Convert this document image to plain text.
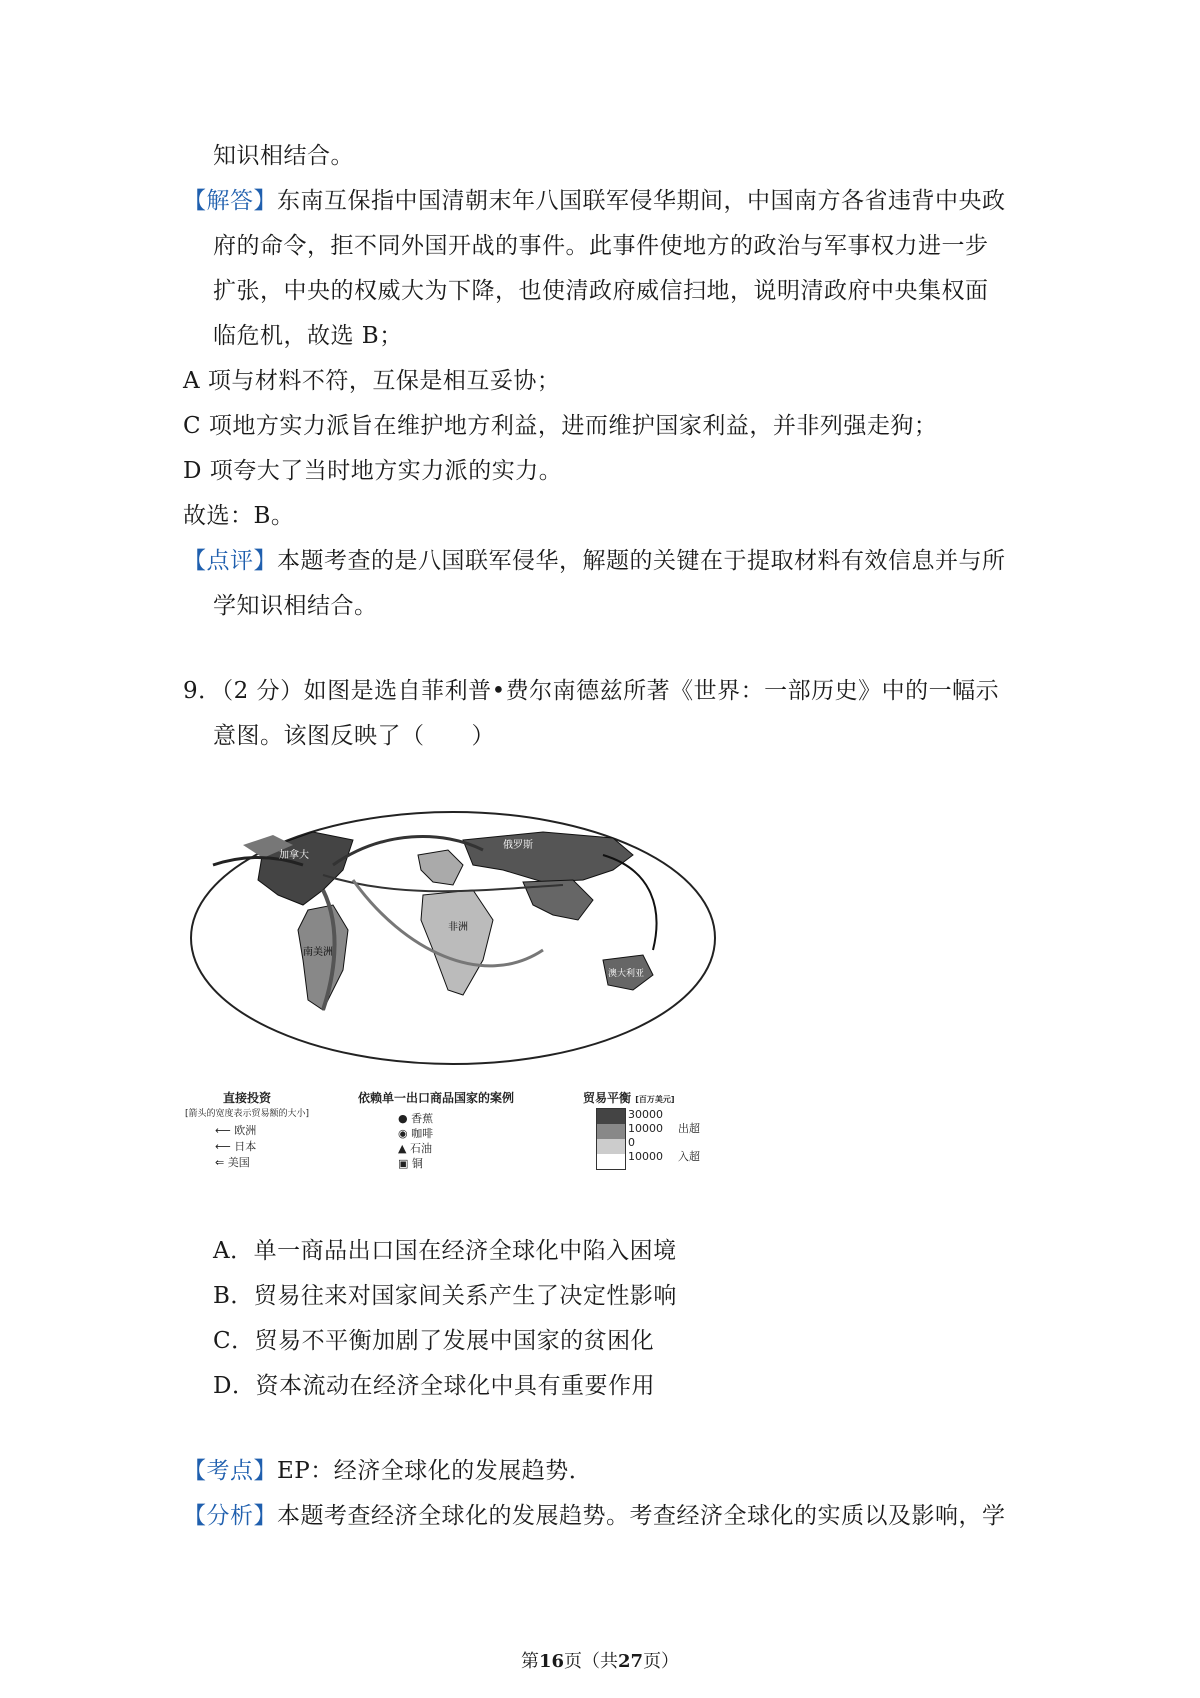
知识相结合。
【解答】东南互保指中国清朝末年八国联军侵华期间，中国南方各省违背中央政
府的命令，拒不同外国开战的事件。此事件使地方的政治与军事权力进一步
扩张，中央的权威大为下降，也使清政府威信扫地，说明清政府中央集权面
临危机，故选 B；
A 项与材料不符，互保是相互妥协；
C 项地方实力派旨在维护地方利益，进而维护国家利益，并非列强走狗；
D 项夸大了当时地方实力派的实力。
故选：B。
【点评】本题考查的是八国联军侵华，解题的关键在于提取材料有效信息并与所
学知识相结合。
9．（2 分）如图是选自菲利普•费尔南德兹所著《世界：一部历史》中的一幅示
意图。该图反映了（　　）
加拿大
南美洲
俄罗斯
非洲
澳大利亚
直接投资
[箭头的宽度表示贸易额的大小]
⟵ 欧洲
⟵ 日本
⇐ 美国
依赖单一出口商品国家的案例
● 香蕉
◉ 咖啡
▲ 石油
▣ 铜
贸易平衡 [百万美元]
30000
10000 出超
0
10000 入超
A．单一商品出口国在经济全球化中陷入困境
B．贸易往来对国家间关系产生了决定性影响
C．贸易不平衡加剧了发展中国家的贫困化
D．资本流动在经济全球化中具有重要作用
【考点】EP：经济全球化的发展趋势．
【分析】本题考查经济全球化的发展趋势。考查经济全球化的实质以及影响，学
第16页（共27页）
